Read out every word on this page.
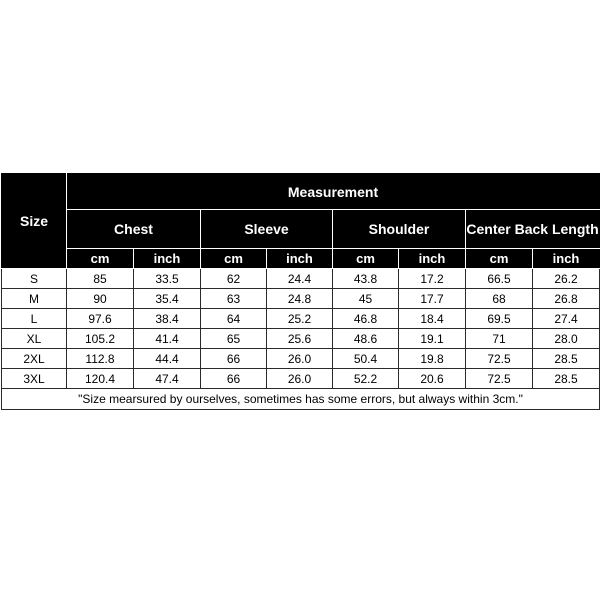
Size	Measurement							
	Chest		Sleeve		Shoulder		Center Back Length	
	cm	inch	cm	inch	cm	inch	cm	inch
S	85	33.5	62	24.4	43.8	17.2	66.5	26.2
M	90	35.4	63	24.8	45	17.7	68	26.8
L	97.6	38.4	64	25.2	46.8	18.4	69.5	27.4
XL	105.2	41.4	65	25.6	48.6	19.1	71	28.0
2XL	112.8	44.4	66	26.0	50.4	19.8	72.5	28.5
3XL	120.4	47.4	66	26.0	52.2	20.6	72.5	28.5
"Size mearsured by ourselves, sometimes has some errors, but always within 3cm."								
